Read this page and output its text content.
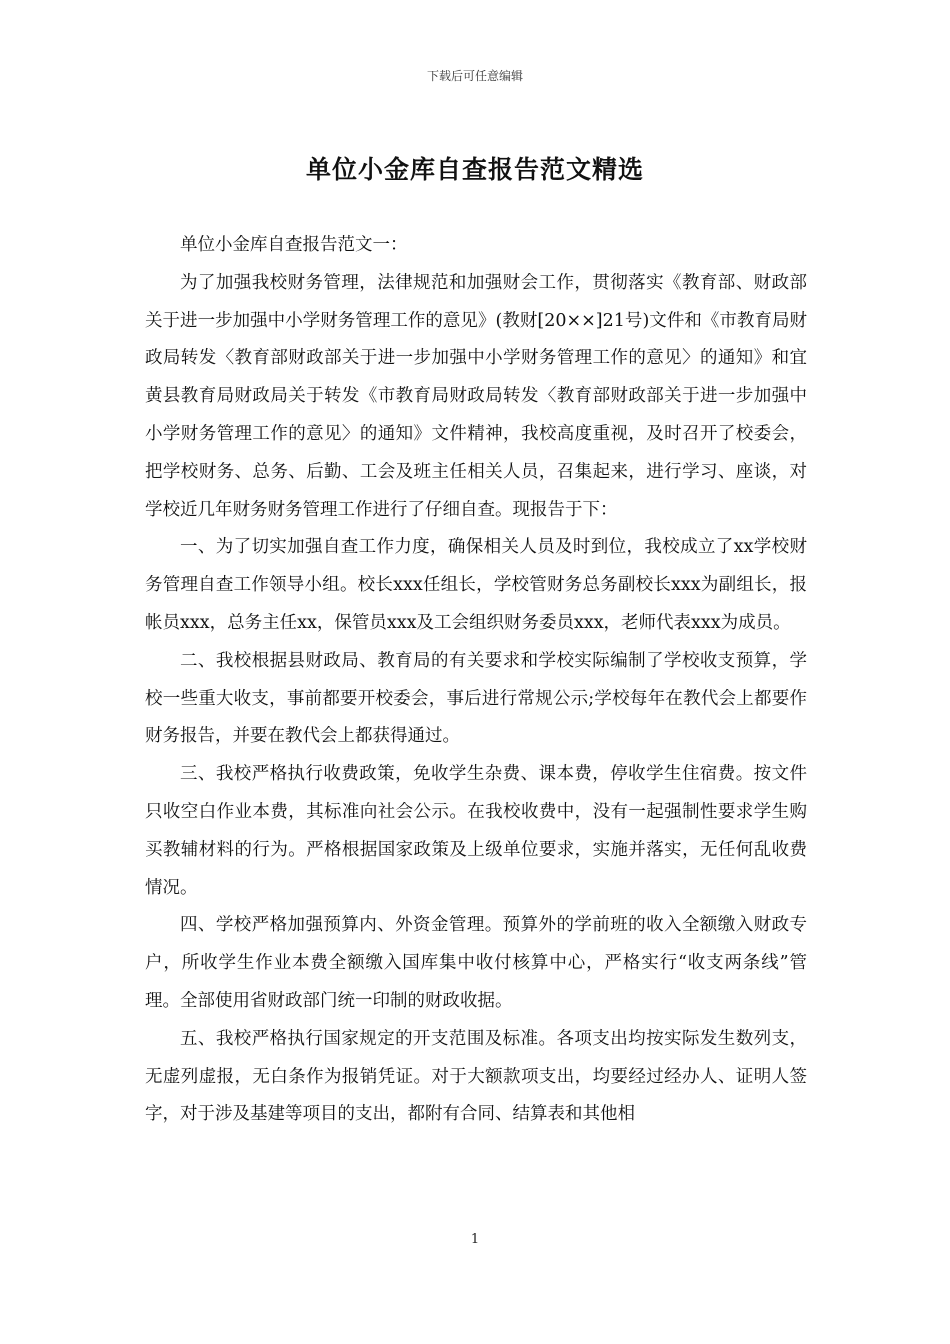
下载后可任意编辑
单位小金库自查报告范文精选

单位小金库自查报告范文一：

为了加强我校财务管理，法律规范和加强财会工作，贯彻落实《教育部、财政部关于进一步加强中小学财务管理工作的意见》(教财[20××]21号)文件和《市教育局财政局转发〈教育部财政部关于进一步加强中小学财务管理工作的意见〉的通知》和宜黄县教育局财政局关于转发《市教育局财政局转发〈教育部财政部关于进一步加强中小学财务管理工作的意见〉的通知》文件精神，我校高度重视，及时召开了校委会，把学校财务、总务、后勤、工会及班主任相关人员，召集起来，进行学习、座谈，对学校近几年财务财务管理工作进行了仔细自查。现报告于下：

一、为了切实加强自查工作力度，确保相关人员及时到位，我校成立了xx学校财务管理自查工作领导小组。校长xxx任组长，学校管财务总务副校长xxx为副组长，报帐员xxx，总务主任xx，保管员xxx及工会组织财务委员xxx，老师代表xxx为成员。

二、我校根据县财政局、教育局的有关要求和学校实际编制了学校收支预算，学校一些重大收支，事前都要开校委会，事后进行常规公示;学校每年在教代会上都要作财务报告，并要在教代会上都获得通过。

三、我校严格执行收费政策，免收学生杂费、课本费，停收学生住宿费。按文件只收空白作业本费，其标准向社会公示。在我校收费中，没有一起强制性要求学生购买教辅材料的行为。严格根据国家政策及上级单位要求，实施并落实，无任何乱收费情况。

四、学校严格加强预算内、外资金管理。预算外的学前班的收入全额缴入财政专户，所收学生作业本费全额缴入国库集中收付核算中心，严格实行“收支两条线”管理。全部使用省财政部门统一印制的财政收据。

五、我校严格执行国家规定的开支范围及标准。各项支出均按实际发生数列支，无虚列虚报，无白条作为报销凭证。对于大额款项支出，均要经过经办人、证明人签字，对于涉及基建等项目的支出，都附有合同、结算表和其他相

1
